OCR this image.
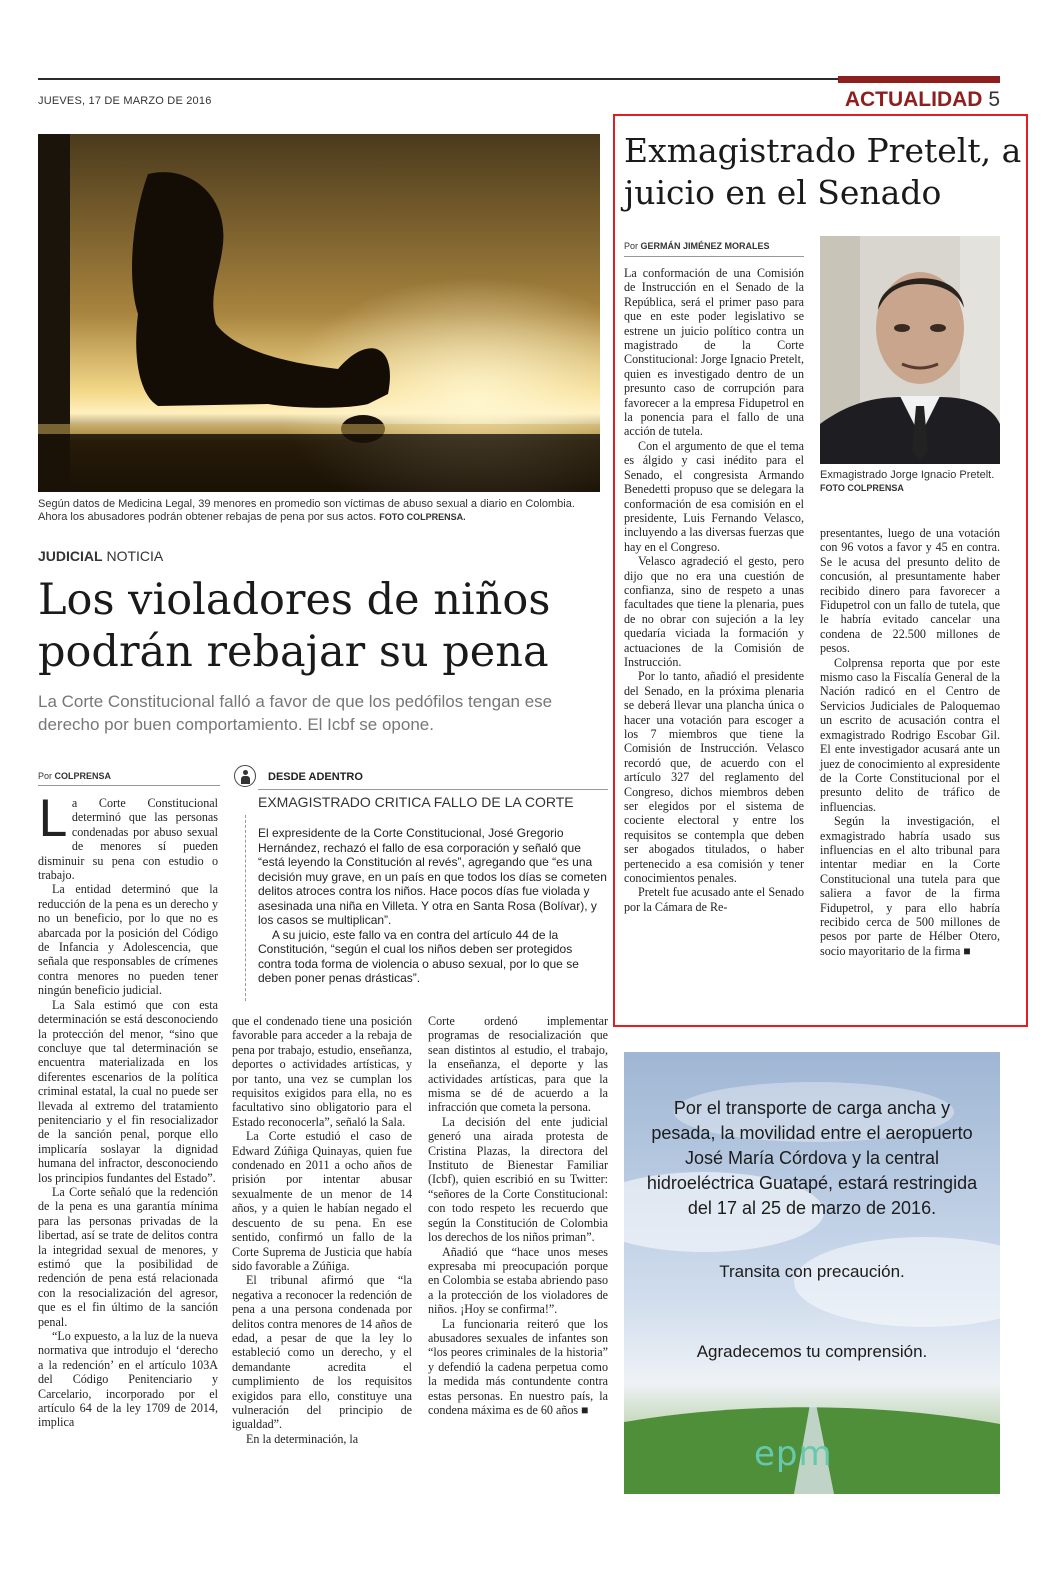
JUEVES, 17 DE MARZO DE 2016	ACTUALIDAD 5
Según datos de Medicina Legal, 39 menores en promedio son víctimas de abuso sexual a diario en Colombia. Ahora los abusadores podrán obtener rebajas de pena por sus actos. FOTO COLPRENSA.
JUDICIAL NOTICIA
Los violadores de niños podrán rebajar su pena
La Corte Constitucional falló a favor de que los pedófilos tengan ese derecho por buen comportamiento. El Icbf se opone.
Por COLPRENSA

La Corte Constitucional determinó que las personas condenadas por abuso sexual de menores sí pueden disminuir su pena con estudio o trabajo.

La entidad determinó que la reducción de la pena es un derecho y no un beneficio, por lo que no es abarcada por la posición del Código de Infancia y Adolescencia, que señala que responsables de crímenes contra menores no pueden tener ningún beneficio judicial.

La Sala estimó que con esta determinación se está desconociendo la protección del menor, “sino que concluye que tal determinación se encuentra materializada en los diferentes escenarios de la política criminal estatal, la cual no puede ser llevada al extremo del tratamiento penitenciario y el fin resocializador de la sanción penal, porque ello implicaría soslayar la dignidad humana del infractor, desconociendo los principios fundantes del Estado”.

La Corte señaló que la redención de la pena es una garantía mínima para las personas privadas de la libertad, así se trate de delitos contra la integridad sexual de menores, y estimó que la posibilidad de redención de pena está relacionada con la resocialización del agresor, que es el fin último de la sanción penal.

“Lo expuesto, a la luz de la nueva normativa que introdujo el ‘derecho a la redención’ en el artículo 103A del Código Penitenciario y Carcelario, incorporado por el artículo 64 de la ley 1709 de 2014, implica

DESDE ADENTRO
EXMAGISTRADO CRITICA FALLO DE LA CORTE

El expresidente de la Corte Constitucional, José Gregorio Hernández, rechazó el fallo de esa corporación y señaló que “está leyendo la Constitución al revés”, agregando que “es una decisión muy grave, en un país en que todos los días se cometen delitos atroces contra los niños. Hace pocos días fue violada y asesinada una niña en Villeta. Y otra en Santa Rosa (Bolívar), y los casos se multiplican”.

A su juicio, este fallo va en contra del artículo 44 de la Constitución, “según el cual los niños deben ser protegidos contra toda forma de violencia o abuso sexual, por lo que se deben poner penas drásticas”.

que el condenado tiene una posición favorable para acceder a la rebaja de pena por trabajo, estudio, enseñanza, deportes o actividades artísticas, y por tanto, una vez se cumplan los requisitos exigidos para ella, no es facultativo sino obligatorio para el Estado reconocerla”, señaló la Sala.

La Corte estudió el caso de Edward Zúñiga Quinayas, quien fue condenado en 2011 a ocho años de prisión por intentar abusar sexualmente de un menor de 14 años, y a quien le habían negado el descuento de su pena. En ese sentido, confirmó un fallo de la Corte Suprema de Justicia que había sido favorable a Zúñiga.

El tribunal afirmó que “la negativa a reconocer la redención de pena a una persona condenada por delitos contra menores de 14 años de edad, a pesar de que la ley lo estableció como un derecho, y el demandante acredita el cumplimiento de los requisitos exigidos para ello, constituye una vulneración del principio de igualdad”.

En la determinación, la

Corte ordenó implementar programas de resocialización que sean distintos al estudio, el trabajo, la enseñanza, el deporte y las actividades artísticas, para que la misma se dé de acuerdo a la infracción que cometa la persona.

La decisión del ente judicial generó una airada protesta de Cristina Plazas, la directora del Instituto de Bienestar Familiar (Icbf), quien escribió en su Twitter: “señores de la Corte Constitucional: con todo respeto les recuerdo que según la Constitución de Colombia los derechos de los niños priman”.

Añadió que “hace unos meses expresaba mi preocupación porque en Colombia se estaba abriendo paso a la protección de los violadores de niños. ¡Hoy se confirma!”.

La funcionaria reiteró que los abusadores sexuales de infantes son “los peores criminales de la historia” y defendió la cadena perpetua como la medida más contundente contra estas personas. En nuestro país, la condena máxima es de 60 años ■

Exmagistrado Pretelt, a juicio en el Senado
Por GERMÁN JIMÉNEZ MORALES
Exmagistrado Jorge Ignacio Pretelt. FOTO COLPRENSA

La conformación de una Comisión de Instrucción en el Senado de la República, será el primer paso para que en este poder legislativo se estrene un juicio político contra un magistrado de la Corte Constitucional: Jorge Ignacio Pretelt, quien es investigado dentro de un presunto caso de corrupción para favorecer a la empresa Fidupetrol en la ponencia para el fallo de una acción de tutela.

Con el argumento de que el tema es álgido y casi inédito para el Senado, el congresista Armando Benedetti propuso que se delegara la conformación de esa comisión en el presidente, Luis Fernando Velasco, incluyendo a las diversas fuerzas que hay en el Congreso.

Velasco agradeció el gesto, pero dijo que no era una cuestión de confianza, sino de respeto a unas facultades que tiene la plenaria, pues de no obrar con sujeción a la ley quedaría viciada la formación y actuaciones de la Comisión de Instrucción.

Por lo tanto, añadió el presidente del Senado, en la próxima plenaria se deberá llevar una plancha única o hacer una votación para escoger a los 7 miembros que tiene la Comisión de Instrucción. Velasco recordó que, de acuerdo con el artículo 327 del reglamento del Congreso, dichos miembros deben ser elegidos por el sistema de cociente electoral y entre los requisitos se contempla que deben ser abogados titulados, o haber pertenecido a esa comisión y tener conocimientos penales.

Pretelt fue acusado ante el Senado por la Cámara de Re-

presentantes, luego de una votación con 96 votos a favor y 45 en contra. Se le acusa del presunto delito de concusión, al presuntamente haber recibido dinero para favorecer a Fidupetrol con un fallo de tutela, que le habría evitado cancelar una condena de 22.500 millones de pesos.

Colprensa reporta que por este mismo caso la Fiscalía General de la Nación radicó en el Centro de Servicios Judiciales de Paloquemao un escrito de acusación contra el exmagistrado Rodrigo Escobar Gil. El ente investigador acusará ante un juez de conocimiento al expresidente de la Corte Constitucional por el presunto delito de tráfico de influencias.

Según la investigación, el exmagistrado habría usado sus influencias en el alto tribunal para intentar mediar en la Corte Constitucional una tutela para que saliera a favor de la firma Fidupetrol, y para ello habría recibido cerca de 500 millones de pesos por parte de Hélber Otero, socio mayoritario de la firma ■

Por el transporte de carga ancha y
pesada, la movilidad entre el aeropuerto
José María Córdova y la central
hidroeléctrica Guatapé, estará restringida
del 17 al 25 de marzo de 2016.
Transita con precaución.
Agradecemos tu comprensión.
epm
